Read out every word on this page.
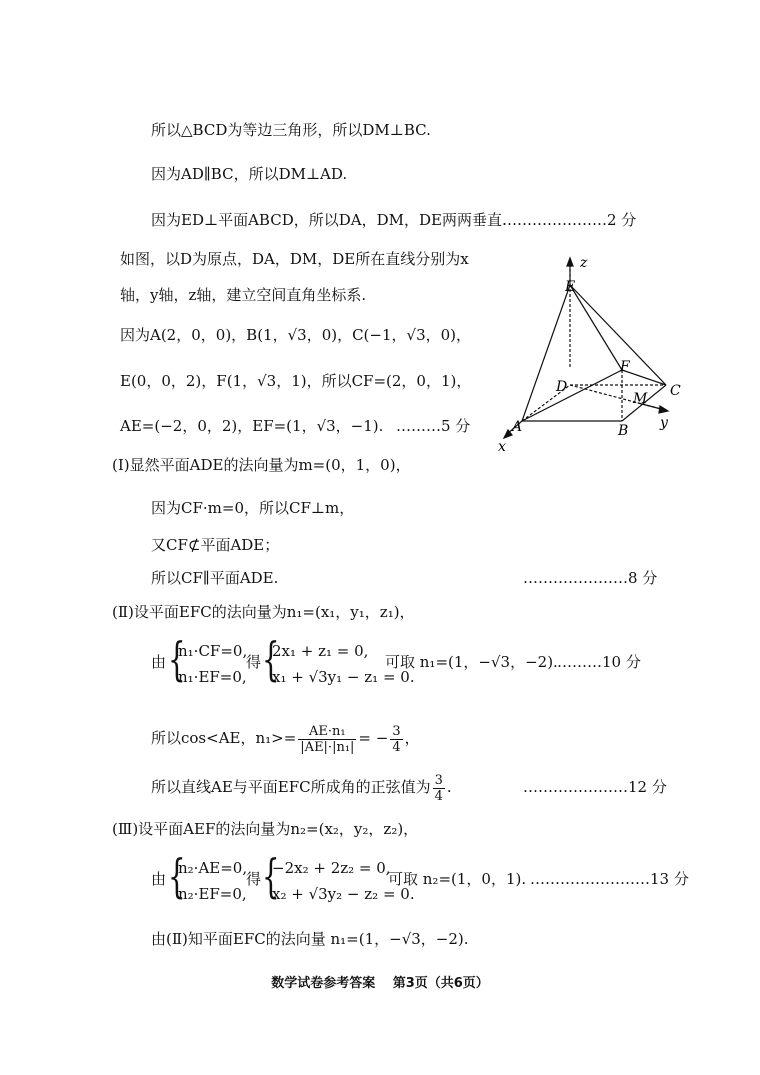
所以△BCD为等边三角形，所以DM⊥BC.
因为AD∥BC，所以DM⊥AD.
因为ED⊥平面ABCD，所以DA，DM，DE两两垂直.
…………………2 分
如图，以D为原点，DA，DM，DE所在直线分别为x
轴，y轴，z轴，建立空间直角坐标系.
因为A(2，0，0)，B(1，√3，0)，C(−1，√3，0)，
E(0，0，2)，F(1，√3，1)，所以CF=(2，0，1)，
AE=(−2，0，2)，EF=(1，√3，−1). ………5 分
z
E
F
D	C
M
A	B
x
y
(Ⅰ)显然平面ADE的法向量为m=(0，1，0)，
因为CF·m=0，所以CF⊥m，
又CF⊄平面ADE；
所以CF∥平面ADE.	…………………8 分
(Ⅱ)设平面EFC的法向量为n₁=(x₁，y₁，z₁)，
由 {
n₁·CF=0,
n₁·EF=0,
得 {
2x₁ + z₁ = 0,
x₁ + √3y₁ − z₁ = 0.
可取 n₁=(1，−√3，−2). ………10 分
所以cos<AE，$n_1>= \frac{\text{AE·n₁}}{\text{|AE|·|n₁|}}$ = − $\frac{3}{4}$ ，
所以直线AE与平面EFC所成角的正弦值为 $\frac{3}{4}$ .	…………………12 分
(Ⅲ)设平面AEF的法向量为n₂=(x₂，y₂，z₂)，
由 {
n₂·AE=0,
n₂·EF=0,
得 {
−2x₂ + 2z₂ = 0,
x₂ + √3y₂ − z₂ = 0.
可取 n₂=(1，0，1). ……………………13 分
由(Ⅱ)知平面EFC的法向量 n₁=(1，−√3，−2).
数学试卷参考答案　 第3页（共6页）
